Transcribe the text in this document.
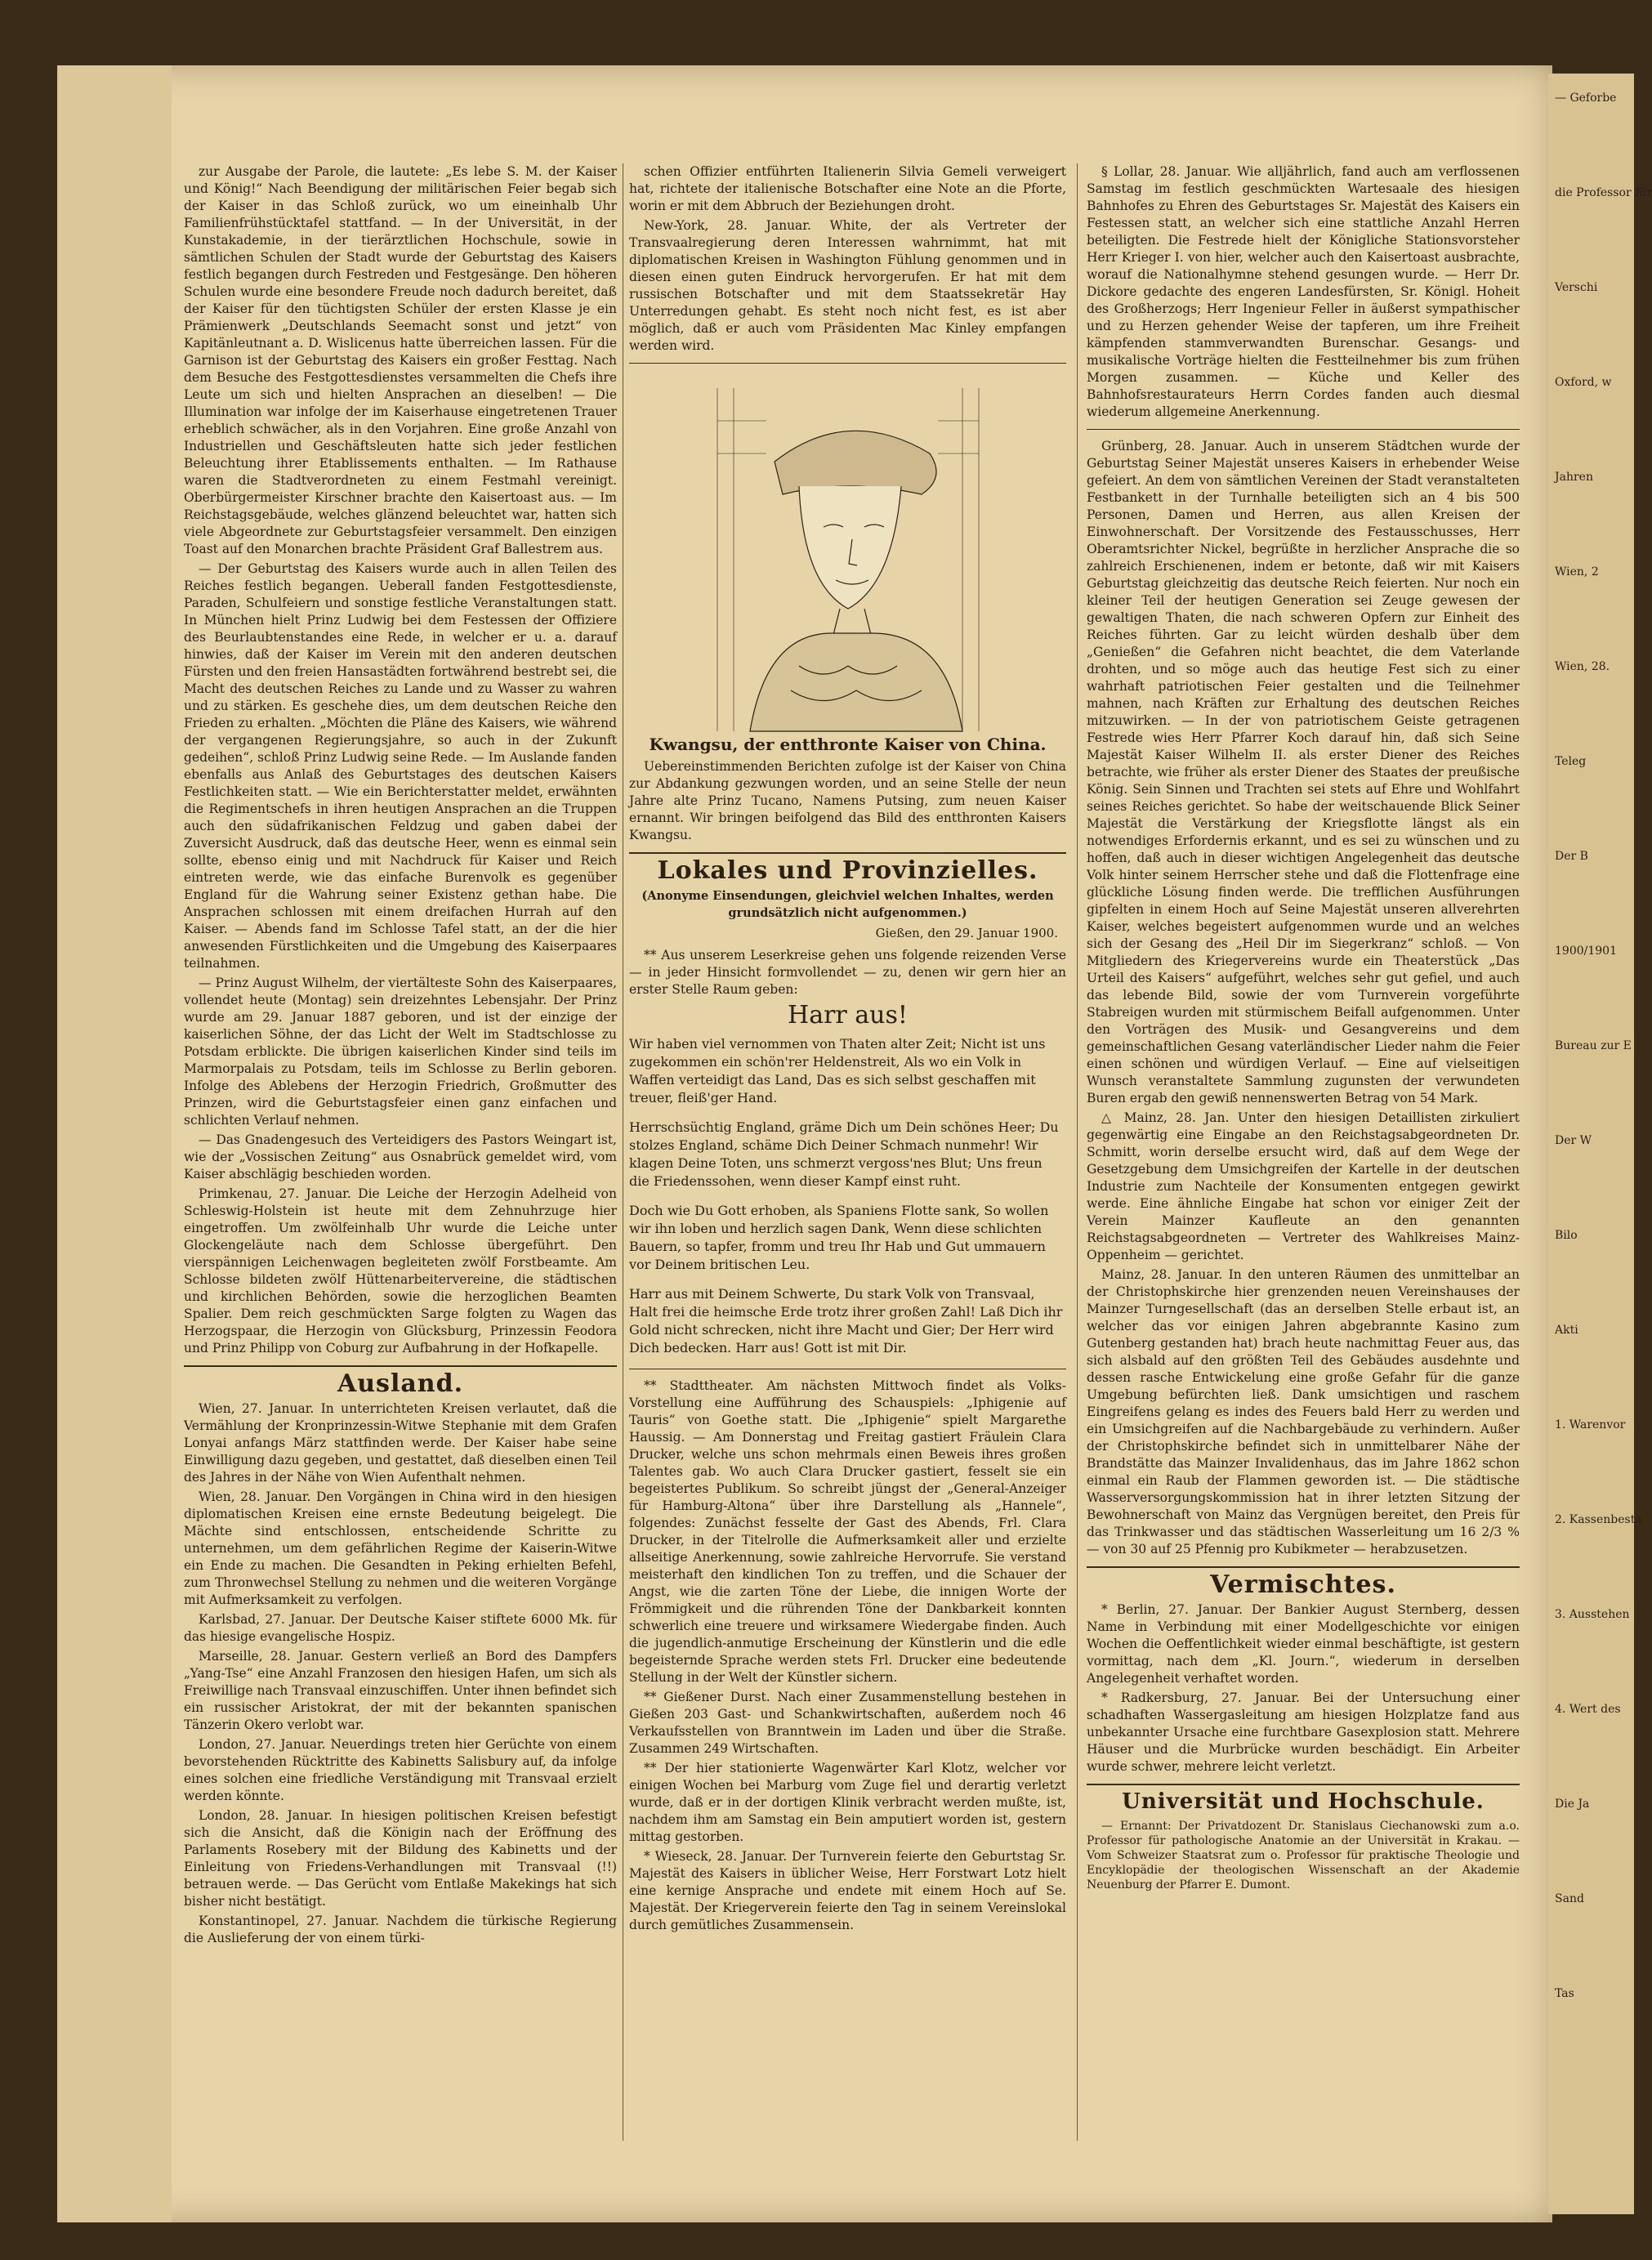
— Geforbe
die Professor für
Verschi
Oxford, w
Jahren
Wien, 2
Wien, 28.
Teleg
Der B
1900/1901
Bureau zur E
Der W
Bilo
Akti
1. Warenvor
2. Kassenbesta
3. Ausstehen
4. Wert des
Die Ja
Sand
Tas

zur Ausgabe der Parole, die lautete: „Es lebe S. M. der Kaiser und König!“ Nach Beendigung der militärischen Feier begab sich der Kaiser in das Schloß zurück, wo um eineinhalb Uhr Familienfrühstücktafel stattfand. — In der Universität, in der Kunstakademie, in der tierärztlichen Hochschule, sowie in sämtlichen Schulen der Stadt wurde der Geburtstag des Kaisers festlich begangen durch Festreden und Festgesänge. Den höheren Schulen wurde eine besondere Freude noch dadurch bereitet, daß der Kaiser für den tüchtigsten Schüler der ersten Klasse je ein Prämienwerk „Deutschlands Seemacht sonst und jetzt“ von Kapitänleutnant a. D. Wislicenus hatte überreichen lassen. Für die Garnison ist der Geburtstag des Kaisers ein großer Festtag. Nach dem Besuche des Festgottesdienstes versammelten die Chefs ihre Leute um sich und hielten Ansprachen an dieselben! — Die Illumination war infolge der im Kaiserhause eingetretenen Trauer erheblich schwächer, als in den Vorjahren. Eine große Anzahl von Industriellen und Geschäftsleuten hatte sich jeder festlichen Beleuchtung ihrer Etablissements enthalten. — Im Rathause waren die Stadtverordneten zu einem Festmahl vereinigt. Oberbürgermeister Kirschner brachte den Kaisertoast aus. — Im Reichstagsgebäude, welches glänzend beleuchtet war, hatten sich viele Abgeordnete zur Geburtstagsfeier versammelt. Den einzigen Toast auf den Monarchen brachte Präsident Graf Ballestrem aus.

— Der Geburtstag des Kaisers wurde auch in allen Teilen des Reiches festlich begangen. Ueberall fanden Festgottesdienste, Paraden, Schulfeiern und sonstige festliche Veranstaltungen statt. In München hielt Prinz Ludwig bei dem Festessen der Offiziere des Beurlaubtenstandes eine Rede, in welcher er u. a. darauf hinwies, daß der Kaiser im Verein mit den anderen deutschen Fürsten und den freien Hansastädten fortwährend bestrebt sei, die Macht des deutschen Reiches zu Lande und zu Wasser zu wahren und zu stärken. Es geschehe dies, um dem deutschen Reiche den Frieden zu erhalten. „Möchten die Pläne des Kaisers, wie während der vergangenen Regierungsjahre, so auch in der Zukunft gedeihen“, schloß Prinz Ludwig seine Rede. — Im Auslande fanden ebenfalls aus Anlaß des Geburtstages des deutschen Kaisers Festlichkeiten statt. — Wie ein Berichterstatter meldet, erwähnten die Regimentschefs in ihren heutigen Ansprachen an die Truppen auch den südafrikanischen Feldzug und gaben dabei der Zuversicht Ausdruck, daß das deutsche Heer, wenn es einmal sein sollte, ebenso einig und mit Nachdruck für Kaiser und Reich eintreten werde, wie das einfache Burenvolk es gegenüber England für die Wahrung seiner Existenz gethan habe. Die Ansprachen schlossen mit einem dreifachen Hurrah auf den Kaiser. — Abends fand im Schlosse Tafel statt, an der die hier anwesenden Fürstlichkeiten und die Umgebung des Kaiserpaares teilnahmen.

— Prinz August Wilhelm, der viertälteste Sohn des Kaiserpaares, vollendet heute (Montag) sein dreizehntes Lebensjahr. Der Prinz wurde am 29. Januar 1887 geboren, und ist der einzige der kaiserlichen Söhne, der das Licht der Welt im Stadtschlosse zu Potsdam erblickte. Die übrigen kaiserlichen Kinder sind teils im Marmorpalais zu Potsdam, teils im Schlosse zu Berlin geboren. Infolge des Ablebens der Herzogin Friedrich, Großmutter des Prinzen, wird die Geburtstagsfeier einen ganz einfachen und schlichten Verlauf nehmen.

— Das Gnadengesuch des Verteidigers des Pastors Weingart ist, wie der „Vossischen Zeitung“ aus Osnabrück gemeldet wird, vom Kaiser abschlägig beschieden worden.

Primkenau, 27. Januar. Die Leiche der Herzogin Adelheid von Schleswig-Holstein ist heute mit dem Zehnuhrzuge hier eingetroffen. Um zwölfeinhalb Uhr wurde die Leiche unter Glockengeläute nach dem Schlosse übergeführt. Den vierspännigen Leichenwagen begleiteten zwölf Forstbeamte. Am Schlosse bildeten zwölf Hüttenarbeitervereine, die städtischen und kirchlichen Behörden, sowie die herzoglichen Beamten Spalier. Dem reich geschmückten Sarge folgten zu Wagen das Herzogspaar, die Herzogin von Glücksburg, Prinzessin Feodora und Prinz Philipp von Coburg zur Aufbahrung in der Hofkapelle.

Ausland.

Wien, 27. Januar. In unterrichteten Kreisen verlautet, daß die Vermählung der Kronprinzessin-Witwe Stephanie mit dem Grafen Lonyai anfangs März stattfinden werde. Der Kaiser habe seine Einwilligung dazu gegeben, und gestattet, daß dieselben einen Teil des Jahres in der Nähe von Wien Aufenthalt nehmen.

Wien, 28. Januar. Den Vorgängen in China wird in den hiesigen diplomatischen Kreisen eine ernste Bedeutung beigelegt. Die Mächte sind entschlossen, entscheidende Schritte zu unternehmen, um dem gefährlichen Regime der Kaiserin-Witwe ein Ende zu machen. Die Gesandten in Peking erhielten Befehl, zum Thronwechsel Stellung zu nehmen und die weiteren Vorgänge mit Aufmerksamkeit zu verfolgen.

Karlsbad, 27. Januar. Der Deutsche Kaiser stiftete 6000 Mk. für das hiesige evangelische Hospiz.

Marseille, 28. Januar. Gestern verließ an Bord des Dampfers „Yang-Tse“ eine Anzahl Franzosen den hiesigen Hafen, um sich als Freiwillige nach Transvaal einzuschiffen. Unter ihnen befindet sich ein russischer Aristokrat, der mit der bekannten spanischen Tänzerin Okero verlobt war.

London, 27. Januar. Neuerdings treten hier Gerüchte von einem bevorstehenden Rücktritte des Kabinetts Salisbury auf, da infolge eines solchen eine friedliche Verständigung mit Transvaal erzielt werden könnte.

London, 28. Januar. In hiesigen politischen Kreisen befestigt sich die Ansicht, daß die Königin nach der Eröffnung des Parlaments Rosebery mit der Bildung des Kabinetts und der Einleitung von Friedens-Verhandlungen mit Transvaal (!!) betrauen werde. — Das Gerücht vom Entlaße Makekings hat sich bisher nicht bestätigt.

Konstantinopel, 27. Januar. Nachdem die türkische Regierung die Auslieferung der von einem türki-

schen Offizier entführten Italienerin Silvia Gemeli verweigert hat, richtete der italienische Botschafter eine Note an die Pforte, worin er mit dem Abbruch der Beziehungen droht.

New-York, 28. Januar. White, der als Vertreter der Transvaalregierung deren Interessen wahrnimmt, hat mit diplomatischen Kreisen in Washington Fühlung genommen und in diesen einen guten Eindruck hervorgerufen. Er hat mit dem russischen Botschafter und mit dem Staatssekretär Hay Unterredungen gehabt. Es steht noch nicht fest, es ist aber möglich, daß er auch vom Präsidenten Mac Kinley empfangen werden wird.

Kwangsu, der entthronte Kaiser von China.

Uebereinstimmenden Berichten zufolge ist der Kaiser von China zur Abdankung gezwungen worden, und an seine Stelle der neun Jahre alte Prinz Tucano, Namens Putsing, zum neuen Kaiser ernannt. Wir bringen beifolgend das Bild des entthronten Kaisers Kwangsu.

Lokales und Provinzielles.
(Anonyme Einsendungen, gleichviel welchen Inhaltes, werden grundsätzlich nicht aufgenommen.)
Gießen, den 29. Januar 1900.

** Aus unserem Leserkreise gehen uns folgende reizenden Verse — in jeder Hinsicht formvollendet — zu, denen wir gern hier an erster Stelle Raum geben:

Harr aus!

Wir haben viel vernommen von Thaten alter Zeit; Nicht ist uns zugekommen ein schön'rer Heldenstreit, Als wo ein Volk in Waffen verteidigt das Land, Das es sich selbst geschaffen mit treuer, fleiß'ger Hand.

Herrschsüchtig England, gräme Dich um Dein schönes Heer; Du stolzes England, schäme Dich Deiner Schmach nunmehr! Wir klagen Deine Toten, uns schmerzt vergoss'nes Blut; Uns freun die Friedenssohen, wenn dieser Kampf einst ruht.

Doch wie Du Gott erhoben, als Spaniens Flotte sank, So wollen wir ihn loben und herzlich sagen Dank, Wenn diese schlichten Bauern, so tapfer, fromm und treu Ihr Hab und Gut ummauern vor Deinem britischen Leu.

Harr aus mit Deinem Schwerte, Du stark Volk von Transvaal, Halt frei die heimsche Erde trotz ihrer großen Zahl! Laß Dich ihr Gold nicht schrecken, nicht ihre Macht und Gier; Der Herr wird Dich bedecken. Harr aus! Gott ist mit Dir.

** Stadttheater. Am nächsten Mittwoch findet als Volks-Vorstellung eine Aufführung des Schauspiels: „Iphigenie auf Tauris“ von Goethe statt. Die „Iphigenie“ spielt Margarethe Haussig. — Am Donnerstag und Freitag gastiert Fräulein Clara Drucker, welche uns schon mehrmals einen Beweis ihres großen Talentes gab. Wo auch Clara Drucker gastiert, fesselt sie ein begeistertes Publikum. So schreibt jüngst der „General-Anzeiger für Hamburg-Altona“ über ihre Darstellung als „Hannele“, folgendes: Zunächst fesselte der Gast des Abends, Frl. Clara Drucker, in der Titelrolle die Aufmerksamkeit aller und erzielte allseitige Anerkennung, sowie zahlreiche Hervorrufe. Sie verstand meisterhaft den kindlichen Ton zu treffen, und die Schauer der Angst, wie die zarten Töne der Liebe, die innigen Worte der Frömmigkeit und die rührenden Töne der Dankbarkeit konnten schwerlich eine treuere und wirksamere Wiedergabe finden. Auch die jugendlich-anmutige Erscheinung der Künstlerin und die edle begeisternde Sprache werden stets Frl. Drucker eine bedeutende Stellung in der Welt der Künstler sichern.

** Gießener Durst. Nach einer Zusammenstellung bestehen in Gießen 203 Gast- und Schankwirtschaften, außerdem noch 46 Verkaufsstellen von Branntwein im Laden und über die Straße. Zusammen 249 Wirtschaften.

** Der hier stationierte Wagenwärter Karl Klotz, welcher vor einigen Wochen bei Marburg vom Zuge fiel und derartig verletzt wurde, daß er in der dortigen Klinik verbracht werden mußte, ist, nachdem ihm am Samstag ein Bein amputiert worden ist, gestern mittag gestorben.

* Wieseck, 28. Januar. Der Turnverein feierte den Geburtstag Sr. Majestät des Kaisers in üblicher Weise, Herr Forstwart Lotz hielt eine kernige Ansprache und endete mit einem Hoch auf Se. Majestät. Der Kriegerverein feierte den Tag in seinem Vereinslokal durch gemütliches Zusammensein.

§ Lollar, 28. Januar. Wie alljährlich, fand auch am verflossenen Samstag im festlich geschmückten Wartesaale des hiesigen Bahnhofes zu Ehren des Geburtstages Sr. Majestät des Kaisers ein Festessen statt, an welcher sich eine stattliche Anzahl Herren beteiligten. Die Festrede hielt der Königliche Stationsvorsteher Herr Krieger I. von hier, welcher auch den Kaisertoast ausbrachte, worauf die Nationalhymne stehend gesungen wurde. — Herr Dr. Dickore gedachte des engeren Landesfürsten, Sr. Königl. Hoheit des Großherzogs; Herr Ingenieur Feller in äußerst sympathischer und zu Herzen gehender Weise der tapferen, um ihre Freiheit kämpfenden stammverwandten Burenschar. Gesangs- und musikalische Vorträge hielten die Festteilnehmer bis zum frühen Morgen zusammen. — Küche und Keller des Bahnhofsrestaurateurs Herrn Cordes fanden auch diesmal wiederum allgemeine Anerkennung.

Grünberg, 28. Januar. Auch in unserem Städtchen wurde der Geburtstag Seiner Majestät unseres Kaisers in erhebender Weise gefeiert. An dem von sämtlichen Vereinen der Stadt veranstalteten Festbankett in der Turnhalle beteiligten sich an 4 bis 500 Personen, Damen und Herren, aus allen Kreisen der Einwohnerschaft. Der Vorsitzende des Festausschusses, Herr Oberamtsrichter Nickel, begrüßte in herzlicher Ansprache die so zahlreich Erschienenen, indem er betonte, daß wir mit Kaisers Geburtstag gleichzeitig das deutsche Reich feierten. Nur noch ein kleiner Teil der heutigen Generation sei Zeuge gewesen der gewaltigen Thaten, die nach schweren Opfern zur Einheit des Reiches führten. Gar zu leicht würden deshalb über dem „Genießen“ die Gefahren nicht beachtet, die dem Vaterlande drohten, und so möge auch das heutige Fest sich zu einer wahrhaft patriotischen Feier gestalten und die Teilnehmer mahnen, nach Kräften zur Erhaltung des deutschen Reiches mitzuwirken. — In der von patriotischem Geiste getragenen Festrede wies Herr Pfarrer Koch darauf hin, daß sich Seine Majestät Kaiser Wilhelm II. als erster Diener des Reiches betrachte, wie früher als erster Diener des Staates der preußische König. Sein Sinnen und Trachten sei stets auf Ehre und Wohlfahrt seines Reiches gerichtet. So habe der weitschauende Blick Seiner Majestät die Verstärkung der Kriegsflotte längst als ein notwendiges Erfordernis erkannt, und es sei zu wünschen und zu hoffen, daß auch in dieser wichtigen Angelegenheit das deutsche Volk hinter seinem Herrscher stehe und daß die Flottenfrage eine glückliche Lösung finden werde. Die trefflichen Ausführungen gipfelten in einem Hoch auf Seine Majestät unseren allverehrten Kaiser, welches begeistert aufgenommen wurde und an welches sich der Gesang des „Heil Dir im Siegerkranz“ schloß. — Von Mitgliedern des Kriegervereins wurde ein Theaterstück „Das Urteil des Kaisers“ aufgeführt, welches sehr gut gefiel, und auch das lebende Bild, sowie der vom Turnverein vorgeführte Stabreigen wurden mit stürmischem Beifall aufgenommen. Unter den Vorträgen des Musik- und Gesangvereins und dem gemeinschaftlichen Gesang vaterländischer Lieder nahm die Feier einen schönen und würdigen Verlauf. — Eine auf vielseitigen Wunsch veranstaltete Sammlung zugunsten der verwundeten Buren ergab den gewiß nennenswerten Betrag von 54 Mark.

△ Mainz, 28. Jan. Unter den hiesigen Detaillisten zirkuliert gegenwärtig eine Eingabe an den Reichstagsabgeordneten Dr. Schmitt, worin derselbe ersucht wird, daß auf dem Wege der Gesetzgebung dem Umsichgreifen der Kartelle in der deutschen Industrie zum Nachteile der Konsumenten entgegen gewirkt werde. Eine ähnliche Eingabe hat schon vor einiger Zeit der Verein Mainzer Kaufleute an den genannten Reichstagsabgeordneten — Vertreter des Wahlkreises Mainz-Oppenheim — gerichtet.

Mainz, 28. Januar. In den unteren Räumen des unmittelbar an der Christophskirche hier grenzenden neuen Vereinshauses der Mainzer Turngesellschaft (das an derselben Stelle erbaut ist, an welcher das vor einigen Jahren abgebrannte Kasino zum Gutenberg gestanden hat) brach heute nachmittag Feuer aus, das sich alsbald auf den größten Teil des Gebäudes ausdehnte und dessen rasche Entwickelung eine große Gefahr für die ganze Umgebung befürchten ließ. Dank umsichtigen und raschem Eingreifens gelang es indes des Feuers bald Herr zu werden und ein Umsichgreifen auf die Nachbargebäude zu verhindern. Außer der Christophskirche befindet sich in unmittelbarer Nähe der Brandstätte das Mainzer Invalidenhaus, das im Jahre 1862 schon einmal ein Raub der Flammen geworden ist. — Die städtische Wasserversorgungskommission hat in ihrer letzten Sitzung der Bewohnerschaft von Mainz das Vergnügen bereitet, den Preis für das Trinkwasser und das städtischen Wasserleitung um 16 2/3 % — von 30 auf 25 Pfennig pro Kubikmeter — herabzusetzen.

Vermischtes.

* Berlin, 27. Januar. Der Bankier August Sternberg, dessen Name in Verbindung mit einer Modellgeschichte vor einigen Wochen die Oeffentlichkeit wieder einmal beschäftigte, ist gestern vormittag, nach dem „Kl. Journ.“, wiederum in derselben Angelegenheit verhaftet worden.

* Radkersburg, 27. Januar. Bei der Untersuchung einer schadhaften Wassergasleitung am hiesigen Holzplatze fand aus unbekannter Ursache eine furchtbare Gasexplosion statt. Mehrere Häuser und die Murbrücke wurden beschädigt. Ein Arbeiter wurde schwer, mehrere leicht verletzt.

Universität und Hochschule.

— Ernannt: Der Privatdozent Dr. Stanislaus Ciechanowski zum a.o. Professor für pathologische Anatomie an der Universität in Krakau. — Vom Schweizer Staatsrat zum o. Professor für praktische Theologie und Encyklopädie der theologischen Wissenschaft an der Akademie Neuenburg der Pfarrer E. Dumont.
